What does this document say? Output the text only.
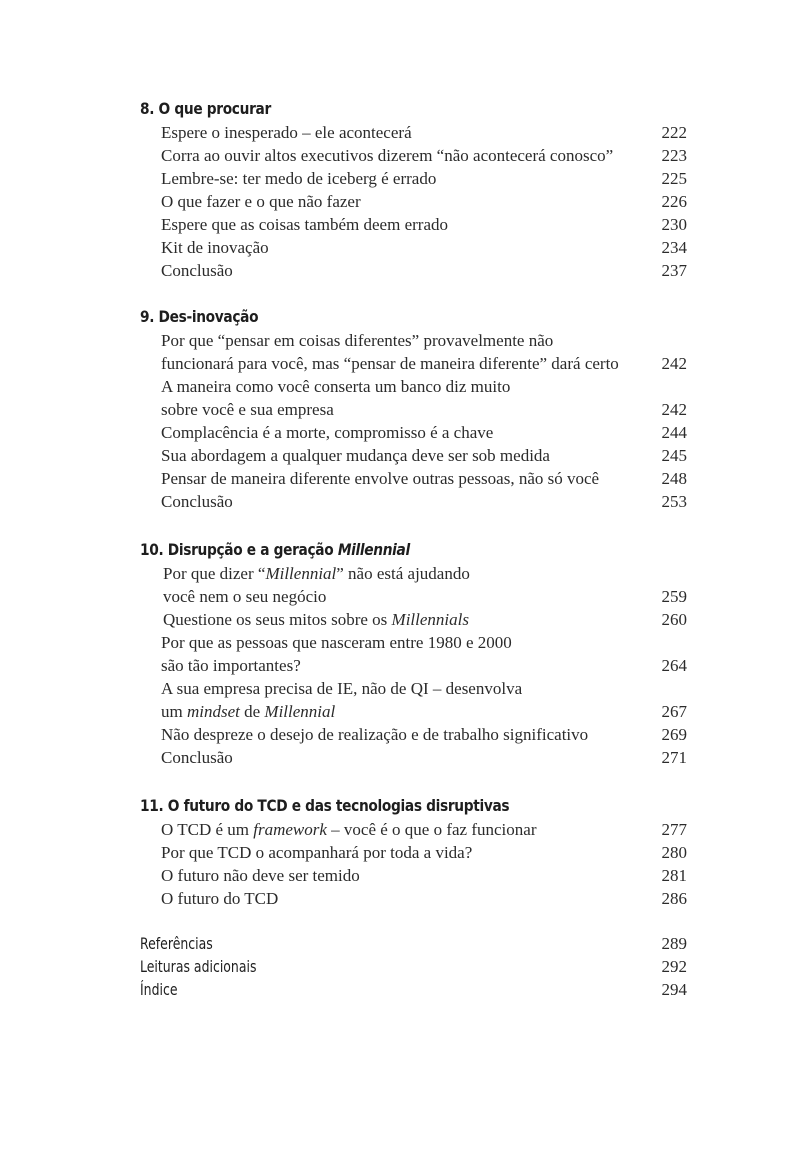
8. O que procurar
Espere o inesperado – ele acontecerá	222
Corra ao ouvir altos executivos dizerem “não acontecerá conosco”	223
Lembre-se: ter medo de iceberg é errado	225
O que fazer e o que não fazer	226
Espere que as coisas também deem errado	230
Kit de inovação	234
Conclusão	237
9. Des-inovação
Por que “pensar em coisas diferentes” provavelmente não
funcionará para você, mas “pensar de maneira diferente” dará certo	242
A maneira como você conserta um banco diz muito
sobre você e sua empresa	242
Complacência é a morte, compromisso é a chave	244
Sua abordagem a qualquer mudança deve ser sob medida	245
Pensar de maneira diferente envolve outras pessoas, não só você	248
Conclusão	253
10. Disrupção e a geração Millennial
Por que dizer “Millennial” não está ajudando
você nem o seu negócio	259
Questione os seus mitos sobre os Millennials	260
Por que as pessoas que nasceram entre 1980 e 2000
são tão importantes?	264
A sua empresa precisa de IE, não de QI – desenvolva
um mindset de Millennial	267
Não despreze o desejo de realização e de trabalho significativo	269
Conclusão	271
11. O futuro do TCD e das tecnologias disruptivas
O TCD é um framework – você é o que o faz funcionar	277
Por que TCD o acompanhará por toda a vida?	280
O futuro não deve ser temido	281
O futuro do TCD	286
Referências	289
Leituras adicionais	292
Índice	294
